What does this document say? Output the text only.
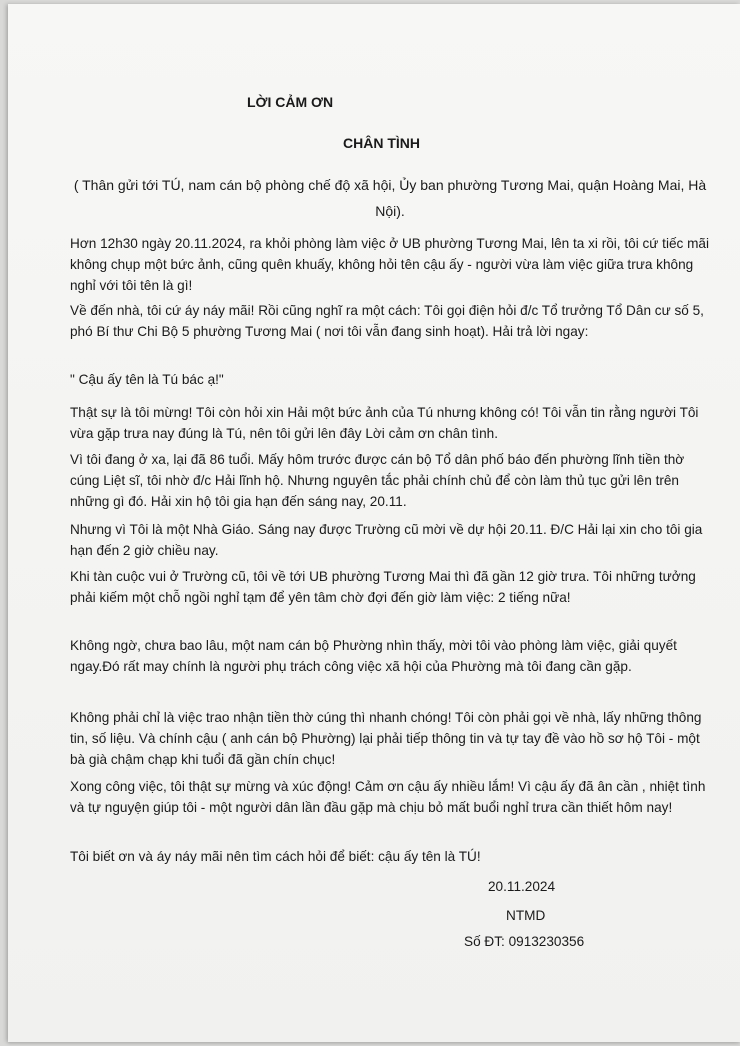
LỜI CẢM ƠN
CHÂN TÌNH
( Thân gửi tới TÚ, nam cán bộ phòng chế độ xã hội, Ủy ban phường Tương Mai, quận Hoàng Mai, Hà Nội).

Hơn 12h30 ngày 20.11.2024, ra khỏi phòng làm việc ở UB phường Tương Mai, lên ta xi rồi, tôi cứ tiếc mãi không chụp một bức ảnh, cũng quên khuấy, không hỏi tên cậu ấy - người vừa làm việc giữa trưa không nghỉ với tôi tên là gì!

Về đến nhà, tôi cứ áy náy mãi! Rồi cũng nghĩ ra một cách: Tôi gọi điện hỏi đ/c Tổ trưởng Tổ Dân cư số 5, phó Bí thư Chi Bộ 5 phường Tương Mai ( nơi tôi vẫn đang sinh hoạt). Hải trả lời ngay:

" Cậu ấy tên là Tú bác ạ!"

Thật sự là tôi mừng! Tôi còn hỏi xin Hải một bức ảnh của Tú nhưng không có! Tôi vẫn tin rằng người Tôi vừa gặp trưa nay đúng là Tú, nên tôi gửi lên đây Lời cảm ơn chân tình.

Vì tôi đang ở xa, lại đã 86 tuổi. Mấy hôm trước được cán bộ Tổ dân phố báo đến phường lĩnh tiền thờ cúng Liệt sĩ, tôi nhờ đ/c Hải lĩnh hộ. Nhưng nguyên tắc phải chính chủ để còn làm thủ tục gửi lên trên những gì đó. Hải xin hộ tôi gia hạn đến sáng nay, 20.11.

Nhưng vì Tôi là một Nhà Giáo. Sáng nay được Trường cũ mời về dự hội 20.11. Đ/C Hải lại xin cho tôi gia hạn đến 2 giờ chiều nay.

Khi tàn cuộc vui ở Trường cũ, tôi về tới UB phường Tương Mai thì đã gần 12 giờ trưa. Tôi những tưởng phải kiếm một chỗ ngồi nghỉ tạm để yên tâm chờ đợi đến giờ làm việc: 2 tiếng nữa!

Không ngờ, chưa bao lâu, một nam cán bộ Phường nhìn thấy, mời tôi vào phòng làm việc, giải quyết ngay.Đó rất may chính là người phụ trách công việc xã hội của Phường mà tôi đang cần gặp.

Không phải chỉ là việc trao nhận tiền thờ cúng thì nhanh chóng! Tôi còn phải gọi về nhà, lấy những thông tin, số liệu. Và chính cậu ( anh cán bộ Phường) lại phải tiếp thông tin và tự tay đề vào hồ sơ hộ Tôi - một bà già chậm chạp khi tuổi đã gần chín chục!

Xong công việc, tôi thật sự mừng và xúc động! Cảm ơn cậu ấy nhiều lắm! Vì cậu ấy đã ân cần , nhiệt tình và tự nguyện giúp tôi - một người dân lần đầu gặp mà chịu bỏ mất buổi nghỉ trưa cần thiết hôm nay!

Tôi biết ơn và áy náy mãi nên tìm cách hỏi để biết: cậu ấy tên là TÚ!

20.11.2024
NTMD
Số ĐT: 0913230356
